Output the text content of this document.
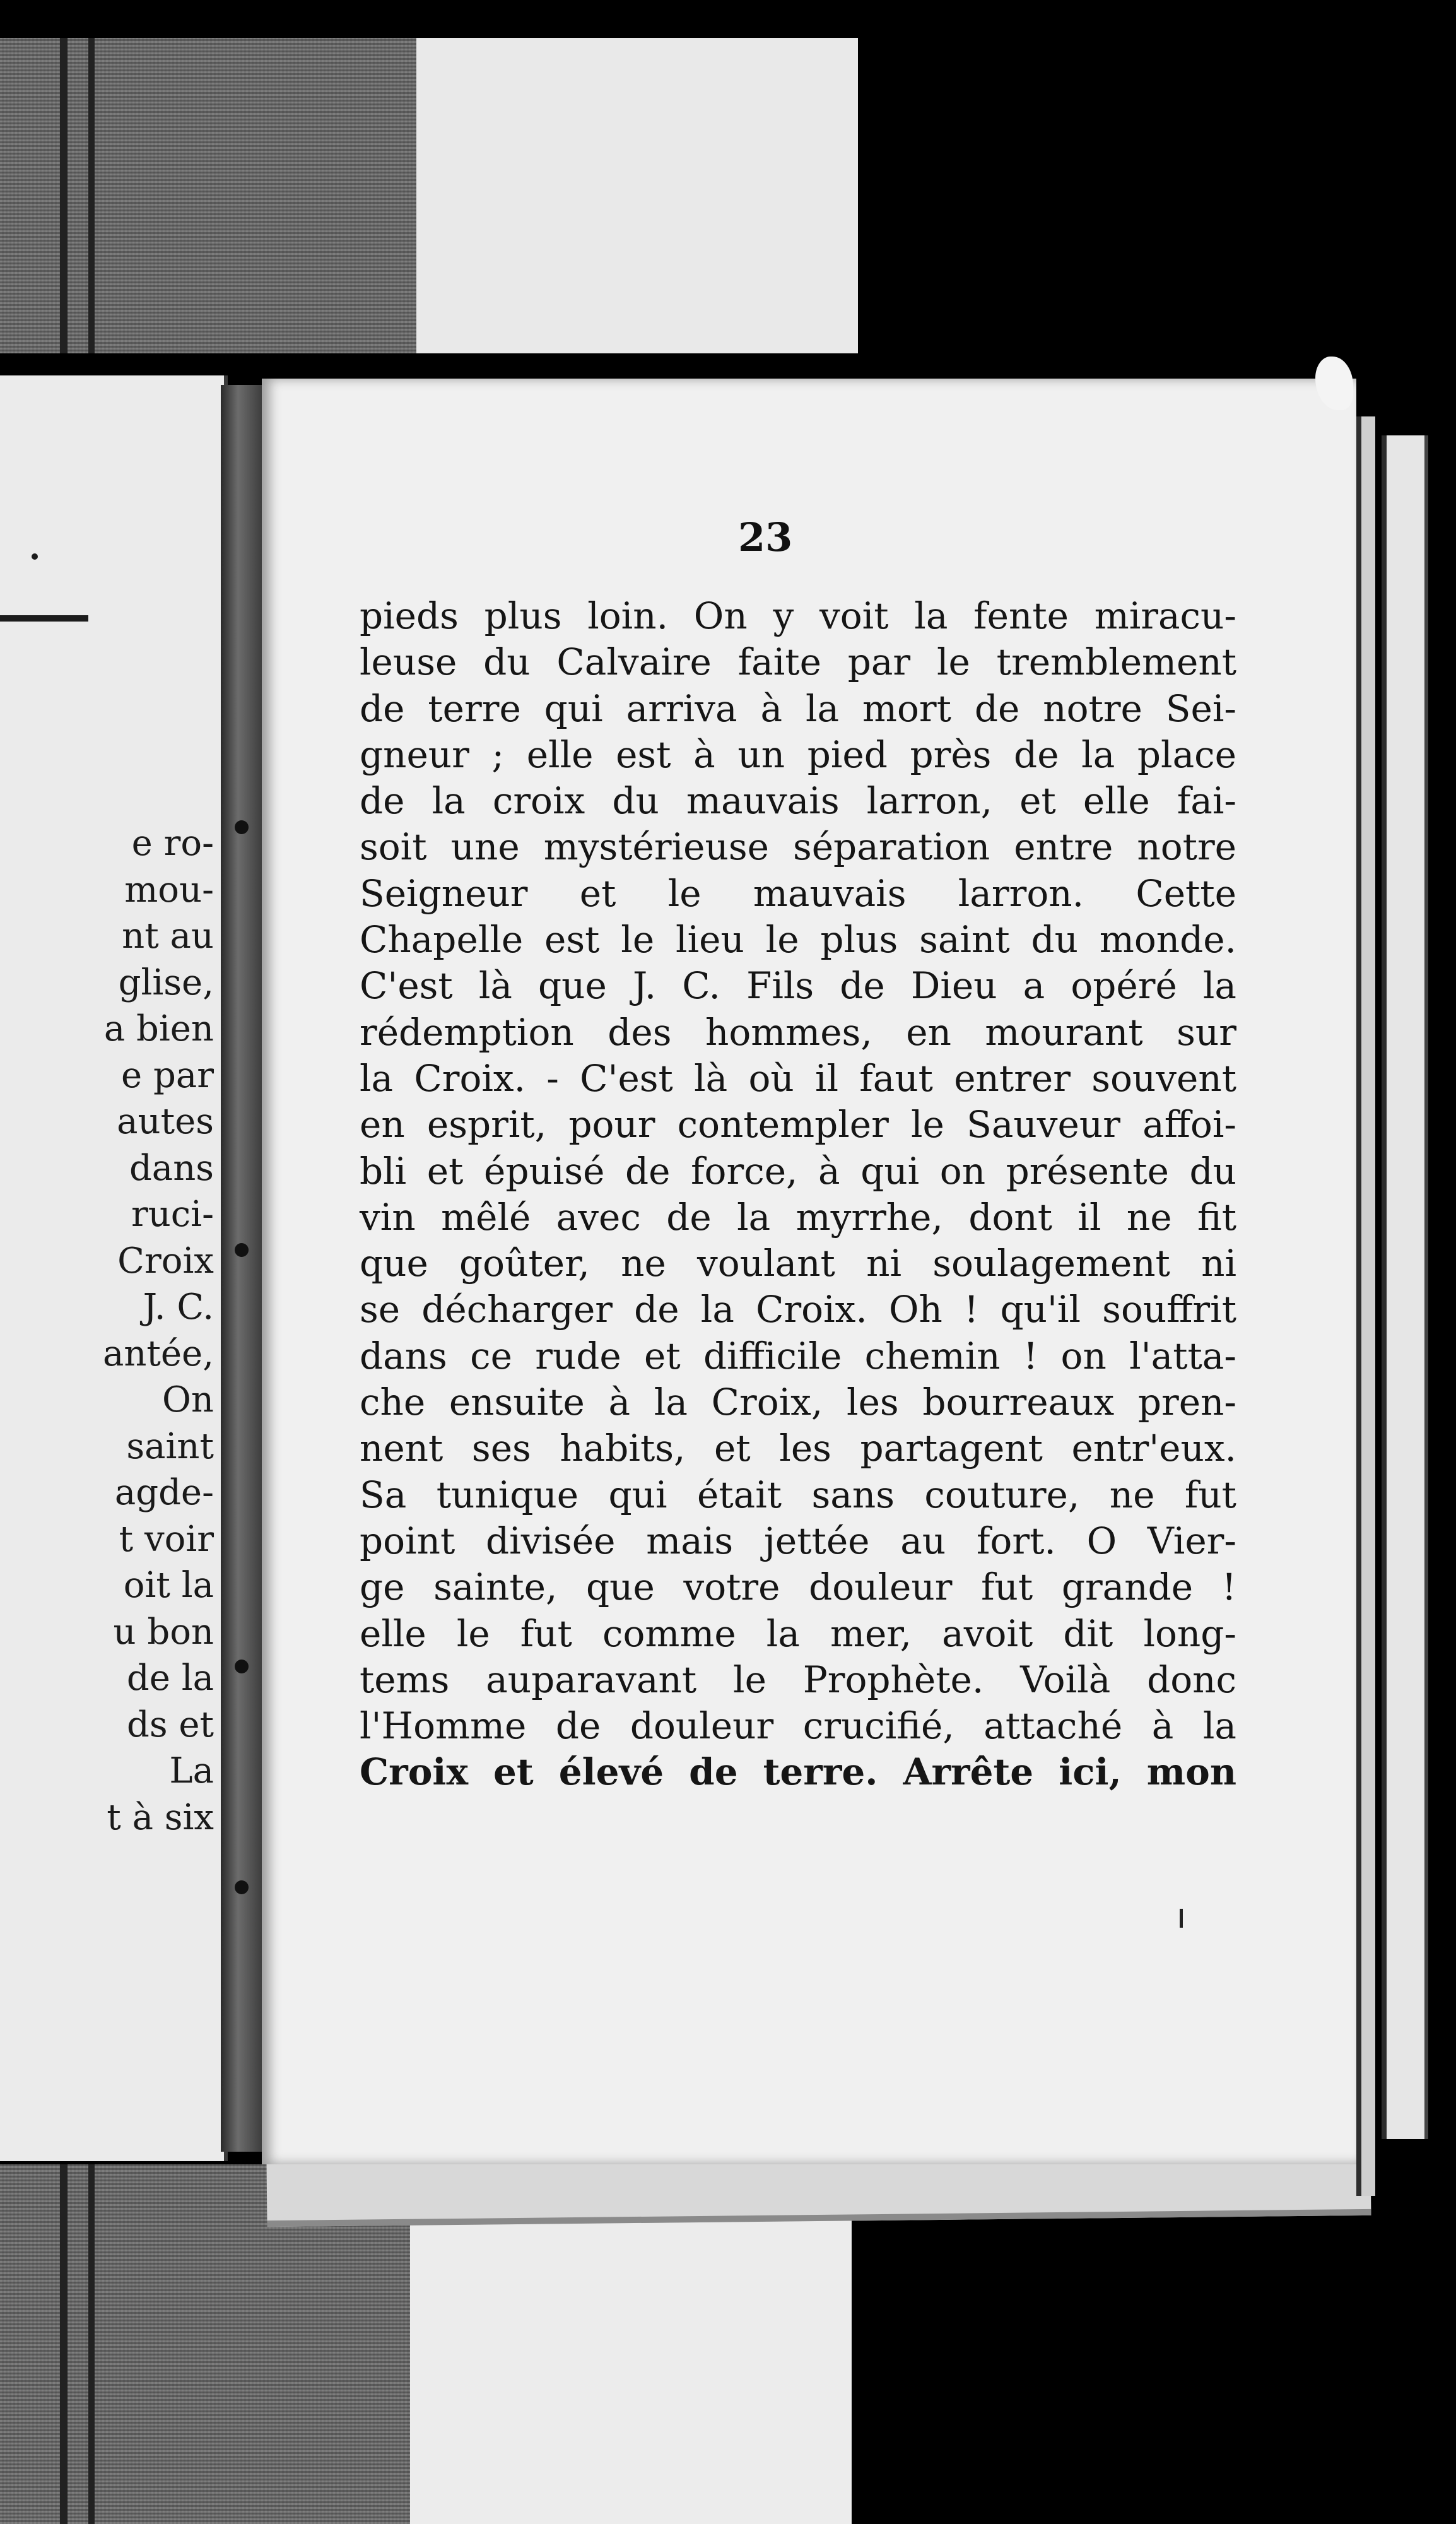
e ro-
mou-
nt au
glise,
a bien
e par
autes
dans
ruci-
Croix
J. C.
antée,
On
saint
agde-
t voir
oit la
u bon
de la
ds et
La
t à six
23
pieds plus loin. On y voit la fente miracu-
leuse du Calvaire faite par le tremblement
de terre qui arriva à la mort de notre Sei-
gneur ; elle est à un pied près de la place
de la croix du mauvais larron, et elle fai-
soit une mystérieuse séparation entre notre
Seigneur et le mauvais larron. Cette
Chapelle est le lieu le plus saint du monde.
C'est là que J. C. Fils de Dieu a opéré la
rédemption des hommes, en mourant sur
la Croix. - C'est là où il faut entrer souvent
en esprit, pour contempler le Sauveur affoi-
bli et épuisé de force, à qui on présente du
vin mêlé avec de la myrrhe, dont il ne fit
que goûter, ne voulant ni soulagement ni
se décharger de la Croix. Oh ! qu'il souffrit
dans ce rude et difficile chemin ! on l'atta-
che ensuite à la Croix, les bourreaux pren-
nent ses habits, et les partagent entr'eux.
Sa tunique qui était sans couture, ne fut
point divisée mais jettée au fort. O Vier-
ge sainte, que votre douleur fut grande !
elle le fut comme la mer, avoit dit long-
tems auparavant le Prophète. Voilà donc
l'Homme de douleur crucifié, attaché à la
Croix et élevé de terre. Arrête ici, mon
